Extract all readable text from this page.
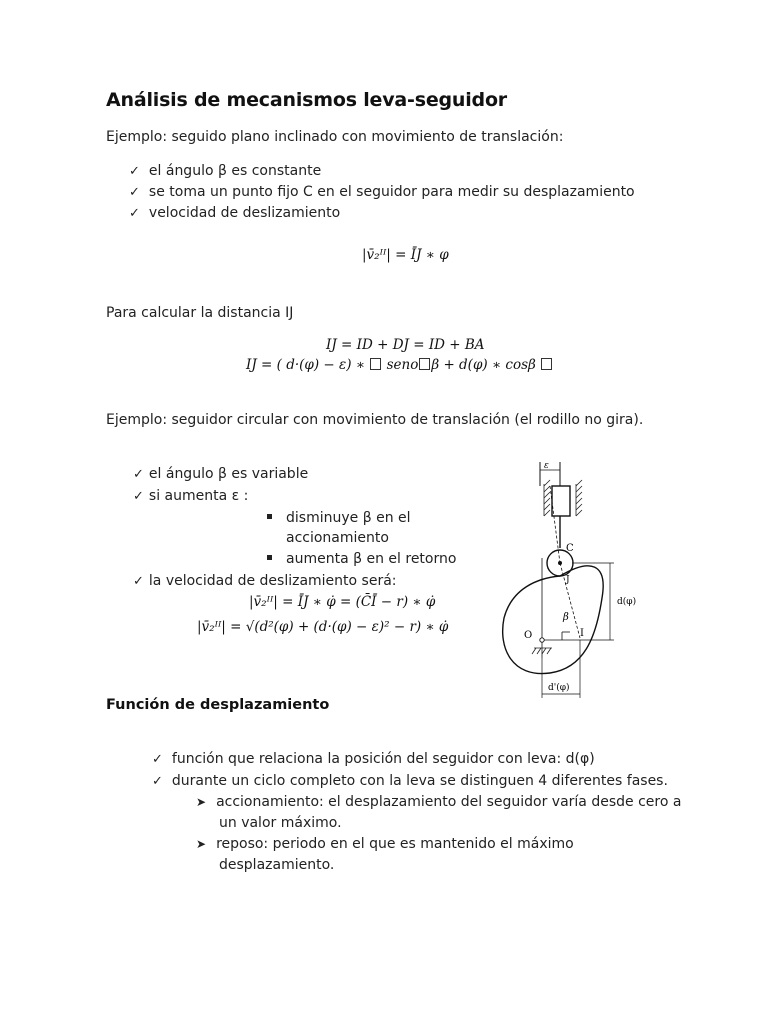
Análisis de mecanismos leva-seguidor
Ejemplo: seguido plano inclinado con movimiento de translación:
✓ el ángulo β es constante
✓ se toma un punto fijo C en el seguidor para medir su desplazamiento
✓ velocidad de deslizamiento
|v̄₂ᴵᴵ| = ĪJ ∗ φ
Para calcular la distancia IJ
IJ = ID + DJ = ID + BA
IJ = ( d·(φ) − ε) ∗ seno β + d(φ) ∗ cosβ
Ejemplo: seguidor circular con movimiento de translación (el rodillo no gira).
✓ el ángulo β es variable
✓ si aumenta ε :
disminuye β en el
accionamiento
aumenta β en el retorno
✓ la velocidad de deslizamiento será:
|v̄₂ᴵᴵ| = ĪJ ∗ φ̇ = (C̄Ī − r) ∗ φ̇
|v̄₂ᴵᴵ| = √(d²(φ) + (d·(φ) − ε)² − r) ∗ φ̇
ε
C
O	I
J
β
d(φ)
d'(φ)
Función de desplazamiento
✓ función que relaciona la posición del seguidor con leva: d(φ)
✓ durante un ciclo completo con la leva se distinguen 4 diferentes fases.
➤ accionamiento: el desplazamiento del seguidor varía desde cero a
un valor máximo.
➤ reposo: periodo en el que es mantenido el máximo
desplazamiento.
